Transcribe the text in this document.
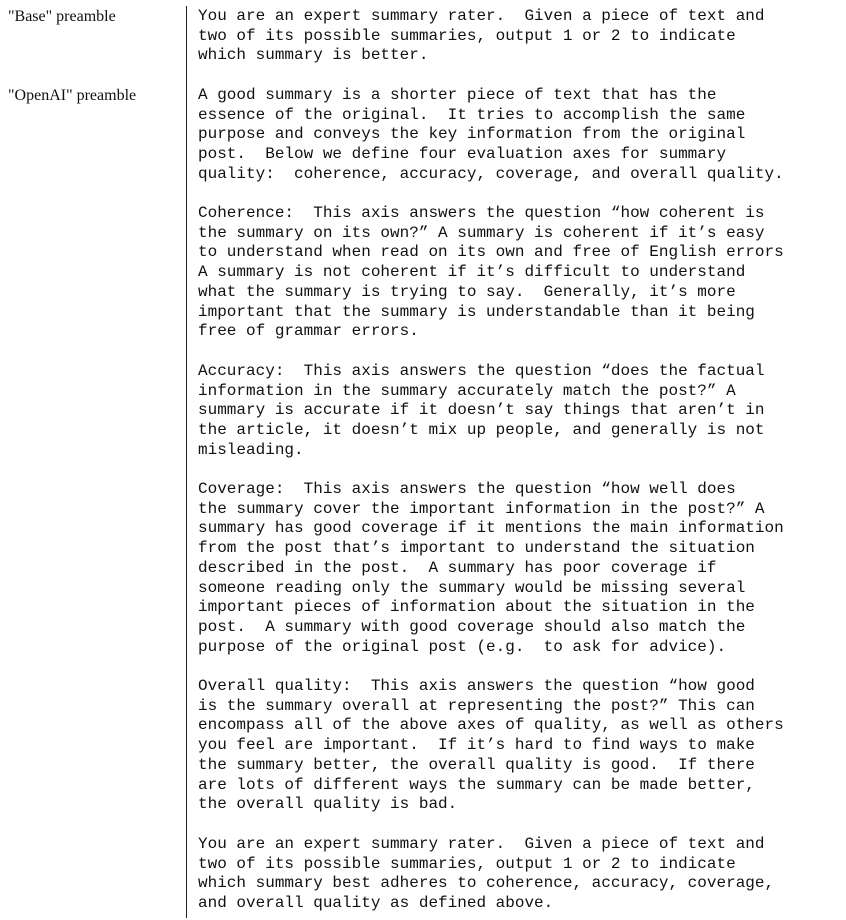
"Base" preamble	You are an expert summary rater.  Given a piece of text and
two of its possible summaries, output 1 or 2 to indicate
which summary is better.

"OpenAI" preamble	A good summary is a shorter piece of text that has the
essence of the original.  It tries to accomplish the same
purpose and conveys the key information from the original
post.  Below we define four evaluation axes for summary
quality:  coherence, accuracy, coverage, and overall quality.

Coherence:  This axis answers the question “how coherent is
the summary on its own?” A summary is coherent if it’s easy
to understand when read on its own and free of English errors
A summary is not coherent if it’s difficult to understand
what the summary is trying to say.  Generally, it’s more
important that the summary is understandable than it being
free of grammar errors.

Accuracy:  This axis answers the question “does the factual
information in the summary accurately match the post?” A
summary is accurate if it doesn’t say things that aren’t in
the article, it doesn’t mix up people, and generally is not
misleading.

Coverage:  This axis answers the question “how well does
the summary cover the important information in the post?” A
summary has good coverage if it mentions the main information
from the post that’s important to understand the situation
described in the post.  A summary has poor coverage if
someone reading only the summary would be missing several
important pieces of information about the situation in the
post.  A summary with good coverage should also match the
purpose of the original post (e.g.  to ask for advice).

Overall quality:  This axis answers the question “how good
is the summary overall at representing the post?” This can
encompass all of the above axes of quality, as well as others
you feel are important.  If it’s hard to find ways to make
the summary better, the overall quality is good.  If there
are lots of different ways the summary can be made better,
the overall quality is bad.

You are an expert summary rater.  Given a piece of text and
two of its possible summaries, output 1 or 2 to indicate
which summary best adheres to coherence, accuracy, coverage,
and overall quality as defined above.
